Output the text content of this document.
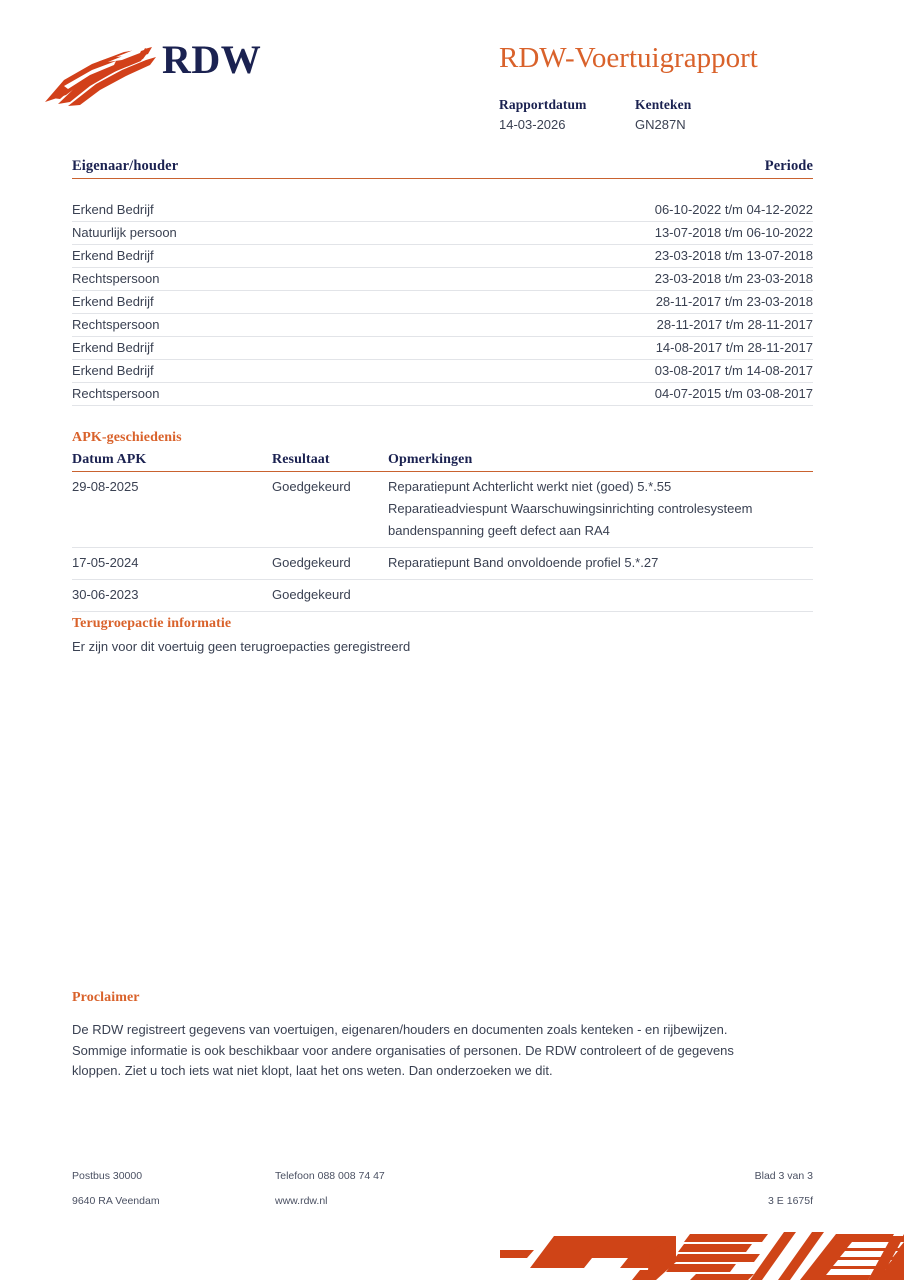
RDW	RDW-Voertuigrapport
Rapportdatum
14-03-2026
Kenteken
GN287N
Eigenaar/houder	Periode
Erkend Bedrijf	06-10-2022 t/m 04-12-2022
Natuurlijk persoon	13-07-2018 t/m 06-10-2022
Erkend Bedrijf	23-03-2018 t/m 13-07-2018
Rechtspersoon	23-03-2018 t/m 23-03-2018
Erkend Bedrijf	28-11-2017 t/m 23-03-2018
Rechtspersoon	28-11-2017 t/m 28-11-2017
Erkend Bedrijf	14-08-2017 t/m 28-11-2017
Erkend Bedrijf	03-08-2017 t/m 14-08-2017
Rechtspersoon	04-07-2015 t/m 03-08-2017
APK-geschiedenis
Datum APK	Resultaat	Opmerkingen
29-08-2025	Goedgekeurd	Reparatiepunt Achterlicht werkt niet (goed) 5.*.55
Reparatieadviespunt Waarschuwingsinrichting controlesysteem
bandenspanning geeft defect aan RA4

17-05-2024	Goedgekeurd	Reparatiepunt Band onvoldoende profiel 5.*.27

30-06-2023	Goedgekeurd	

Terugroepactie informatie
Er zijn voor dit voertuig geen terugroepacties geregistreerd
Proclaimer
De RDW registreert gegevens van voertuigen, eigenaren/houders en documenten zoals kenteken - en rijbewijzen.
Sommige informatie is ook beschikbaar voor andere organisaties of personen. De RDW controleert of de gegevens
kloppen. Ziet u toch iets wat niet klopt, laat het ons weten. Dan onderzoeken we dit.
Postbus 30000	Telefoon 088 008 74 47	Blad 3 van 3
9640 RA Veendam	www.rdw.nl	3 E 1675f
